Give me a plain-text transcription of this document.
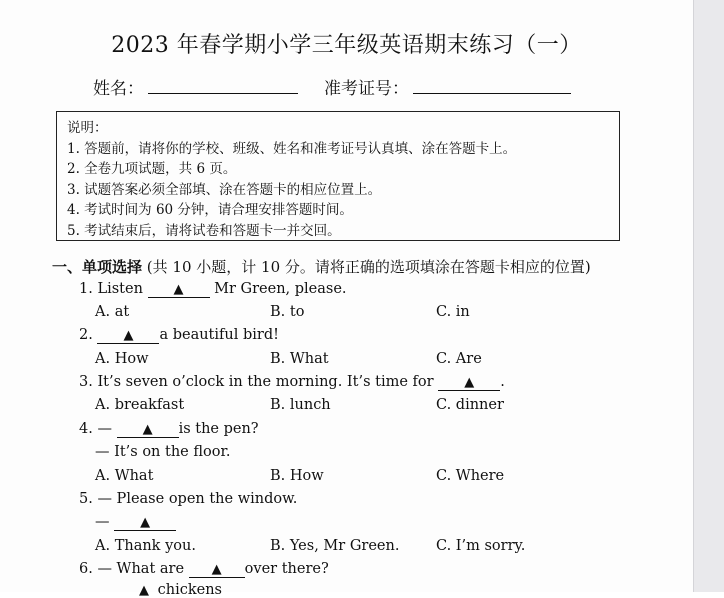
2023 年春学期小学三年级英语期末练习（一）
姓名：	准考证号：
说明：
1. 答题前，请将你的学校、班级、姓名和准考证号认真填、涂在答题卡上。
2. 全卷九项试题，共 6 页。
3. 试题答案必须全部填、涂在答题卡的相应位置上。
4. 考试时间为 60 分钟，请合理安排答题时间。
5. 考试结束后，请将试卷和答题卡一并交回。
一、单项选择 (共 10 小题，计 10 分。请将正确的选项填涂在答题卡相应的位置)
1. Listen ▲ Mr Green, please.
A. at	B. to	C. in
2. ▲ a beautiful bird!
A. How	B. What	C. Are
3. It’s seven o’clock in the morning. It’s time for ▲ .
A. breakfast	B. lunch	C. dinner
4. — ▲ is the pen?
— It’s on the floor.
A. What	B. How	C. Where
5. — Please open the window.
— ▲
A. Thank you.	B. Yes, Mr Green.	C. I’m sorry.
6. — What are ▲ over there?
▲ chickens
